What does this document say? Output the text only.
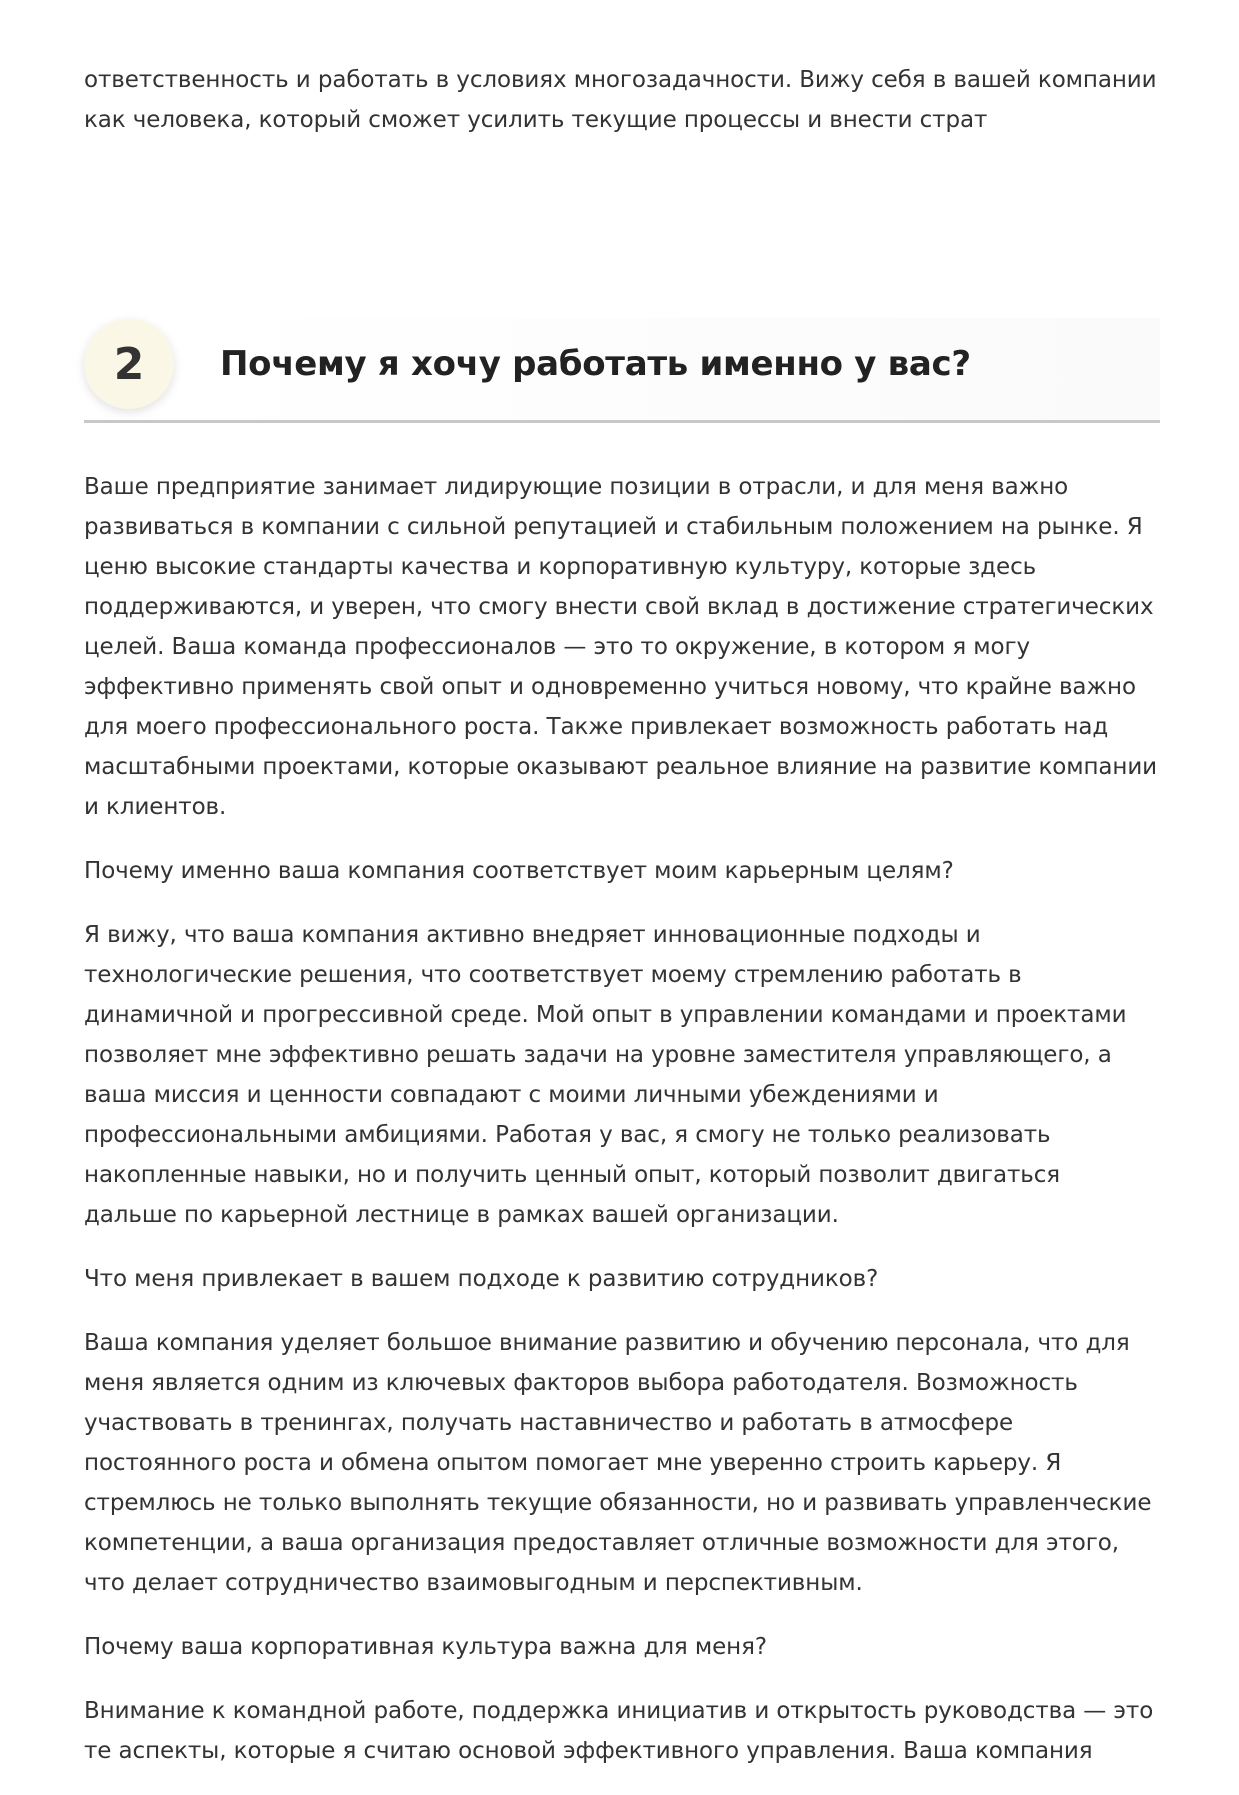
ответственность и работать в условиях многозадачности. Вижу себя в вашей компании как человека, который сможет усилить текущие процессы и внести страт

2	Почему я хочу работать именно у вас?

Ваше предприятие занимает лидирующие позиции в отрасли, и для меня важно развиваться в компании с сильной репутацией и стабильным положением на рынке. Я ценю высокие стандарты качества и корпоративную культуру, которые здесь поддерживаются, и уверен, что смогу внести свой вклад в достижение стратегических целей. Ваша команда профессионалов — это то окружение, в котором я могу эффективно применять свой опыт и одновременно учиться новому, что крайне важно для моего профессионального роста. Также привлекает возможность работать над масштабными проектами, которые оказывают реальное влияние на развитие компании и клиентов.

Почему именно ваша компания соответствует моим карьерным целям?

Я вижу, что ваша компания активно внедряет инновационные подходы и технологические решения, что соответствует моему стремлению работать в динамичной и прогрессивной среде. Мой опыт в управлении командами и проектами позволяет мне эффективно решать задачи на уровне заместителя управляющего, а ваша миссия и ценности совпадают с моими личными убеждениями и профессиональными амбициями. Работая у вас, я смогу не только реализовать накопленные навыки, но и получить ценный опыт, который позволит двигаться дальше по карьерной лестнице в рамках вашей организации.

Что меня привлекает в вашем подходе к развитию сотрудников?

Ваша компания уделяет большое внимание развитию и обучению персонала, что для меня является одним из ключевых факторов выбора работодателя. Возможность участвовать в тренингах, получать наставничество и работать в атмосфере постоянного роста и обмена опытом помогает мне уверенно строить карьеру. Я стремлюсь не только выполнять текущие обязанности, но и развивать управленческие компетенции, а ваша организация предоставляет отличные возможности для этого, что делает сотрудничество взаимовыгодным и перспективным.

Почему ваша корпоративная культура важна для меня?

Внимание к командной работе, поддержка инициатив и открытость руководства — это те аспекты, которые я считаю основой эффективного управления. Ваша компания
